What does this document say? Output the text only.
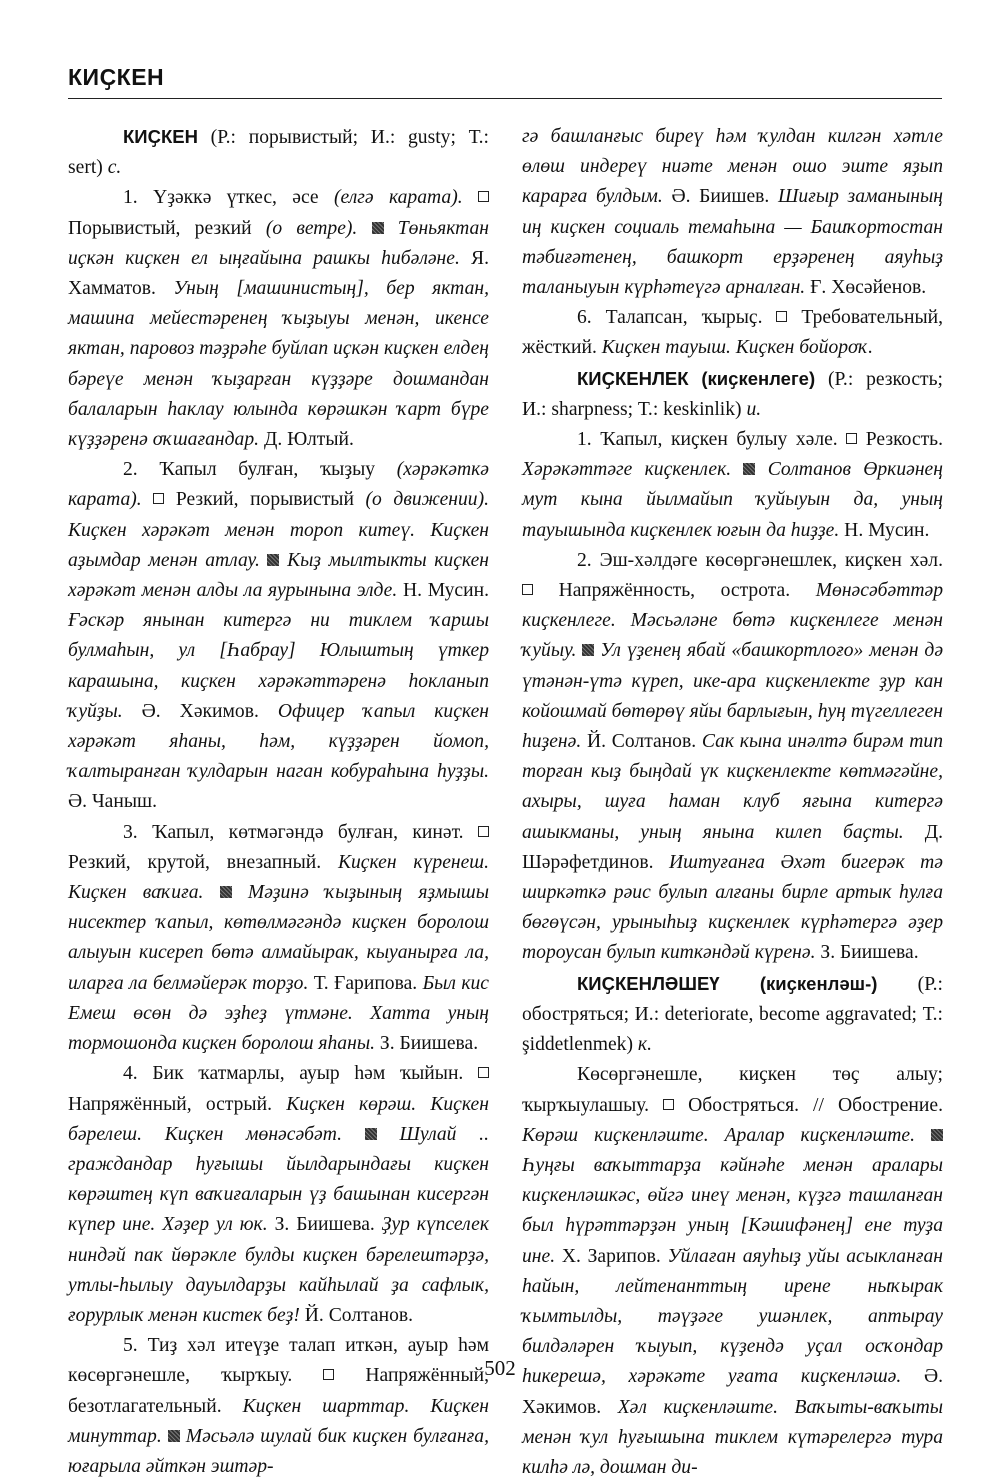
КИҪКЕН

КИҪКЕН (Р.: порывистый; И.: gusty; Т.: sert) с.

1. Үҙәккә үткес, әсе (елгә карата).  Порывистый, резкий (о ветре). Төньяктан иҫкән киҫкен ел ыңғайына рашкы һибәләне. Я. Хамматов. Уның [машинистың], бер яктан, машина мейестәренең ҡыҙыуы менән, икенсе яктан, паровоз тәҙрәһе буйлап иҫкән киҫкен елдең бәреүе менән ҡыҙарған күҙҙәре дошмандан балаларын һаклау юлында көрәшкән ҡарт бүре күҙҙәренә оҡшағандар. Д. Юлтый.

2. Ҡапыл булған, ҡыҙыу (хәрәкәткә карата). Резкий, порывистый (о движении). Киҫкен хәрәкәт менән тороп китеү. Киҫкен аҙымдар менән атлау. Кыҙ мылтыкты киҫкен хәрәкәт менән алды ла яурынына элде. Н. Мусин. Ғәскәр янынан китергә ни тиклем ҡаршы булмаһын, ул [Һабрау] Юлыштың үткер карашына, киҫкен хәрәкәттәренә һокланып ҡуйҙы. Ә. Хәкимов. Офицер ҡапыл киҫкен хәрәкәт яһаны, һәм, күҙҙәрен йомоп, ҡалтыранған ҡулдарын наган кобураһына һуҙҙы. Ә. Чаныш.

3. Ҡапыл, көтмәгәндә булған, кинәт.  Резкий, крутой, внезапный. Киҫкен күренеш. Киҫкен ваҡиға. Мәҙинә ҡыҙының яҙмышы нисектер ҡапыл, көтөлмәгәндә киҫкен боролош алыуын кисереп бөтә алмайырак, кыуанырға ла, иларға ла белмәйерәк торҙо. Т. Ғарипова. Был кис Емеш өсөн дә эҙһеҙ үтмәне. Хатта уның тормошонда киҫкен боролош яһаны. З. Биишева.

4. Бик ҡатмарлы, ауыр һәм ҡыйын.  Напряжённый, острый. Киҫкен көрәш. Киҫкен бәрелеш. Киҫкен мөнәсәбәт.	Шулай .. граждандар һуғышы йылдарындағы киҫкен көрәштең күп ваҡиғаларын үҙ башынан кисергән күпер ине. Хәҙер ул юк. З. Биишева. Ҙур күпселек ниндәй пак йөрәкле булды киҫкен бәрелештәрҙә, утлы-һылыу дауылдарҙы кайһылай ҙа сафлык, ғорурлык менән кистек беҙ! Й. Солтанов.

5. Тиҙ хәл итеүҙе талап иткән, ауыр һәм көсөргәнешле, ҡырҡыу.	Напряжённый, безотлагательный. Киҫкен шарттар. Киҫкен минуттар. Мәсьәлә шулай бик киҫкен булғанға, юғарыла әйткән эштәр-

гә башланғыс биреү һәм ҡулдан килгән хәтле өлөш индереү ниәте менән ошо эште яҙып карарға булдым. Ә. Биишев. Шиғыр заманының иң киҫкен социаль темаһына — Башҡортостан тәбиғәтенең, башкорт ерҙәренең аяуһыҙ таланыуын күрһәтеүгә арналған. Ғ. Хөсәйенов.

6. Талапсан, ҡырыҫ. Требовательный, жёсткий. Киҫкен тауыш. Киҫкен бойороҡ.

КИҪКЕНЛЕК (киҫкенлеге) (Р.: резкость; И.: sharpness; Т.: keskinlik) и.

1. Ҡапыл, киҫкен булыу хәле. Резкость. Хәрәкәттәге киҫкенлек. Солтанов Өркиәнең мут кына йылмайып ҡуйыуын да, уның тауышында киҫкенлек юғын да һиҙҙе. Н. Мусин.

2. Эш-хәлдәге көсөргәнешлек, киҫкен хәл.  Напряжённость, острота. Мөнәсәбәттәр киҫкенлеге. Мәсьәләне бөтә киҫкенлеге менән ҡуйыу. Ул үҙенең ябай «башкортлоғо» менән дә үтәнән-үтә күреп, ике-ара киҫкенлекте ҙур кан койошмай бөтөрөү яйы барлығын, һуң түгеллеген һиҙенә. Й. Солтанов. Сак кына инәлтә бирәм тип торған кыҙ быңдай үк киҫкенлекте көтмәгәйне, ахыры, шуға һаман клуб яғына китергә ашыкманы, уның янына килеп баҫты. Д. Шәрәфетдинов. Иштуғанға Әхәт бигерәк тә ширкәткә рәис булып алғаны бирле артык һулға бөгөүсән, урыныһыҙ киҫкенлек күрһәтергә әҙер тороусан булып киткәндәй күренә. З. Биишева.

КИҪКЕНЛӘШЕҮ (киҫкенләш-) (Р.: обостряться; И.: deteriorate, become aggravated; Т.: şiddetlenmek) к.

Көсөргәнешле, киҫкен төҫ алыу; ҡырҡыулашыу. Обостряться. // Обострение. Көрәш киҫкенләште. Аралар киҫкенләште.  Һуңғы ваҡыттарҙа кәйнәһе менән аралары киҫкенләшкәс, өйгә инеү менән, күҙгә ташланған был һүрәттәрҙән уның [Кәшифәнең] ене туҙа ине. Х. Зарипов. Уйлаған аяуһыҙ уйы асыкланған һайын, лейтенанттың ирене ныҡырак ҡымтылды, тәүҙәге ушәнлек, аптырау билдәләрен ҡыуып, күҙендә уҫал осҡондар һикерешә, хәрәкәте уғата киҫкенләшә. Ә. Хәкимов. Хәл киҫкенләште. Ваҡыты-ваҡыты менән ҡул һуғышына тиклем күтәрелергә тура килһә лә, дошман ди-

502
